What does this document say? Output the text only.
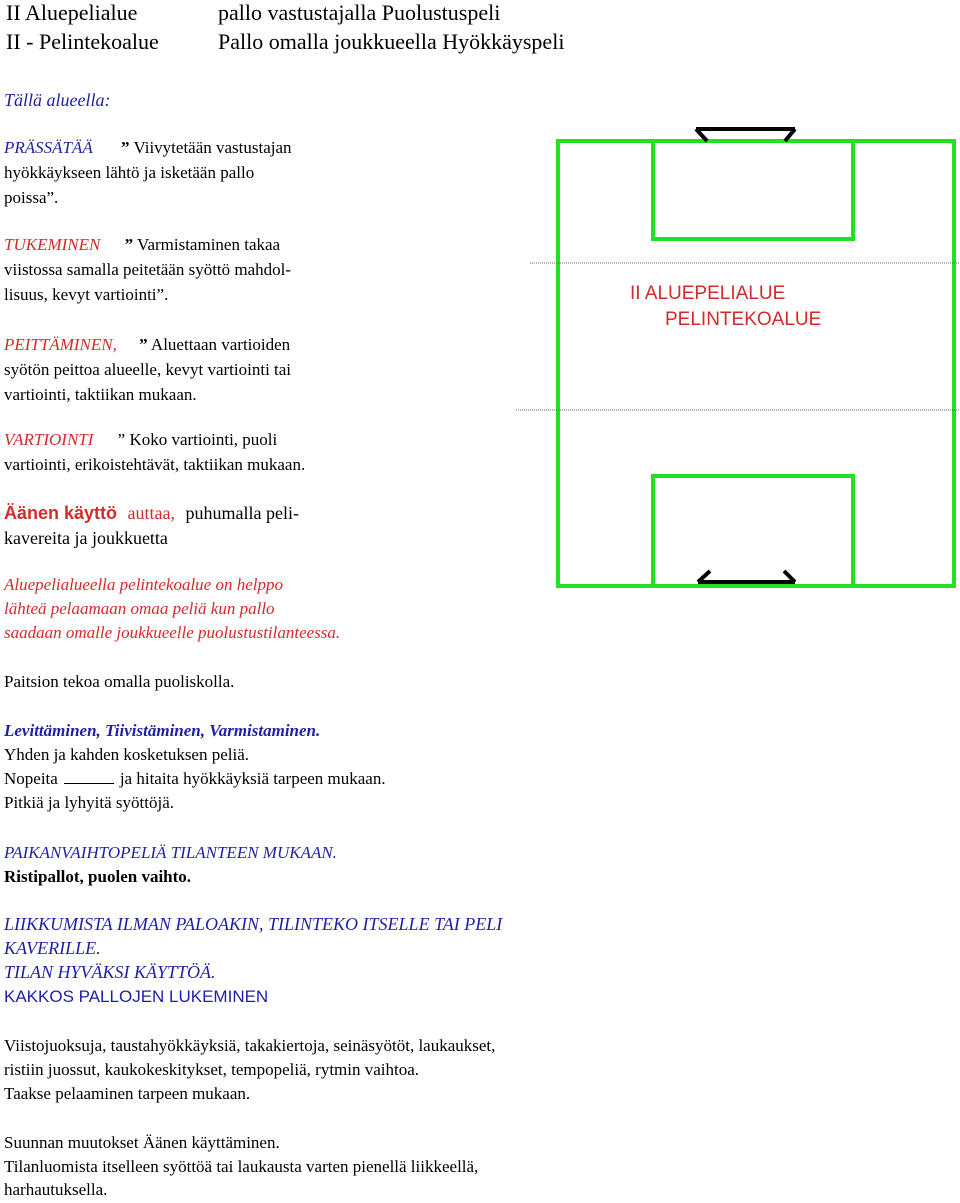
II Aluepelialue	pallo vastustajalla Puolustuspeli
II - Pelintekoalue	Pallo omalla joukkueella Hyökkäyspeli
Tällä alueella:
PRÄSSÄTÄÄ ” Viivytetään vastustajan
hyökkäykseen lähtö ja isketään pallo
poissa”.
TUKEMINEN ” Varmistaminen takaa
viistossa samalla peitetään syöttö mahdol-
lisuus, kevyt vartiointi”.
PEITTÄMINEN, ” Aluettaan vartioiden
syötön peittoa alueelle, kevyt vartiointi tai
vartiointi, taktiikan mukaan.
VARTIOINTI ” Koko vartiointi, puoli
vartiointi, erikoistehtävät, taktiikan mukaan.
Äänen käyttö auttaa, puhumalla peli-
kavereita ja joukkuetta
Aluepelialueella pelintekoalue on helppo
lähteä pelaamaan omaa peliä kun pallo
saadaan omalle joukkueelle puolustustilanteessa.
Paitsion tekoa omalla puoliskolla.
Levittäminen, Tiivistäminen, Varmistaminen.
Yhden ja kahden kosketuksen peliä.
Nopeita	ja hitaita hyökkäyksiä tarpeen mukaan.
Pitkiä ja lyhyitä syöttöjä.
PAIKANVAIHTOPELIÄ TILANTEEN MUKAAN.
Ristipallot, puolen vaihto.
LIIKKUMISTA ILMAN PALOAKIN, TILINTEKO ITSELLE TAI PELI
KAVERILLE.
TILAN HYVÄKSI KÄYTTÖÄ.
KAKKOS PALLOJEN LUKEMINEN
Viistojuoksuja, taustahyökkäyksiä, takakiertoja, seinäsyötöt, laukaukset,
ristiin juossut, kaukokeskitykset, tempopeliä, rytmin vaihtoa.
Taakse pelaaminen tarpeen mukaan.
Suunnan muutokset Äänen käyttäminen.
Tilanluomista itselleen syöttöä tai laukausta varten pienellä liikkeellä,
harhautuksella.
II ALUEPELIALUE
PELINTEKOALUE
